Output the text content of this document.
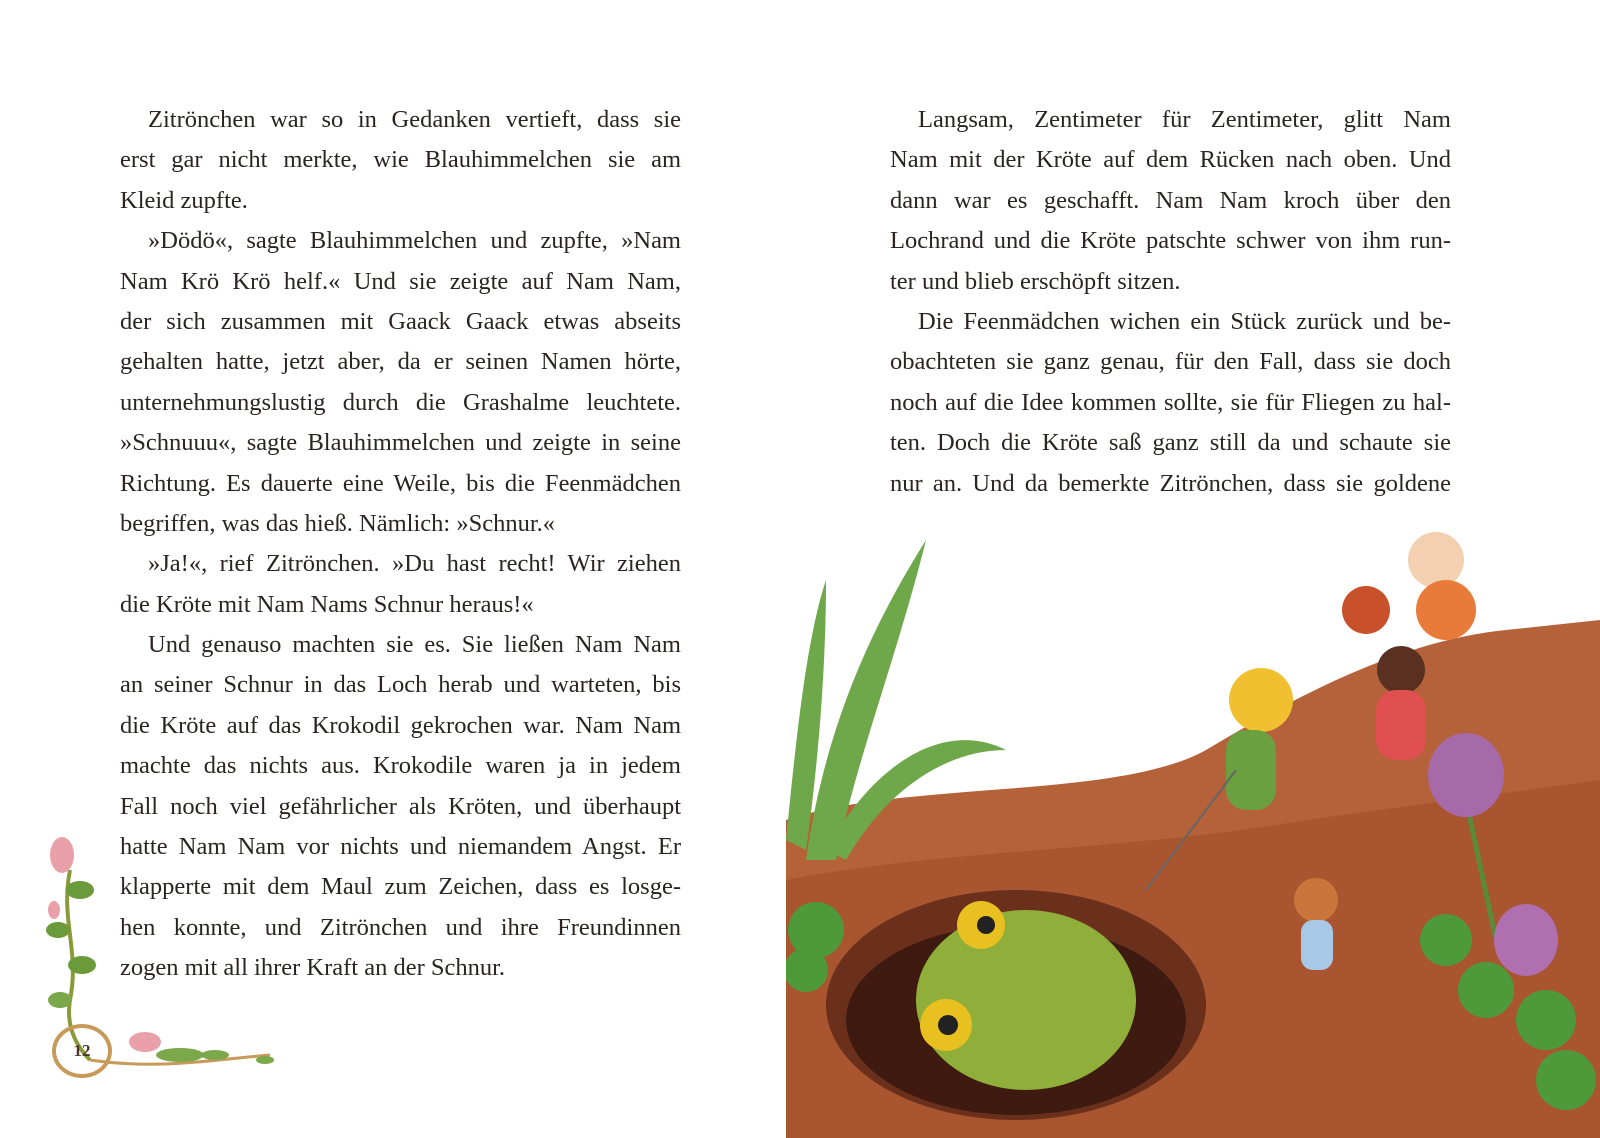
Zitrönchen war so in Gedanken vertieft, dass sie
erst gar nicht merkte, wie Blauhimmelchen sie am
Kleid zupfte.
»Dödö«, sagte Blauhimmelchen und zupfte, »Nam
Nam Krö Krö helf.« Und sie zeigte auf Nam Nam,
der sich zusammen mit Gaack Gaack etwas abseits
gehalten hatte, jetzt aber, da er seinen Namen hörte,
unternehmungslustig durch die Grashalme leuchtete.
»Schnuuu«, sagte Blauhimmelchen und zeigte in seine
Richtung. Es dauerte eine Weile, bis die Feenmädchen
begriffen, was das hieß. Nämlich: »Schnur.«
»Ja!«, rief Zitrönchen. »Du hast recht! Wir ziehen
die Kröte mit Nam Nams Schnur heraus!«
Und genauso machten sie es. Sie ließen Nam Nam
an seiner Schnur in das Loch herab und warteten, bis
die Kröte auf das Krokodil gekrochen war. Nam Nam
machte das nichts aus. Krokodile waren ja in jedem
Fall noch viel gefährlicher als Kröten, und überhaupt
hatte Nam Nam vor nichts und niemandem Angst. Er
klapperte mit dem Maul zum Zeichen, dass es losge-
hen konnte, und Zitrönchen und ihre Freundinnen
zogen mit all ihrer Kraft an der Schnur.
12
Langsam, Zentimeter für Zentimeter, glitt Nam
Nam mit der Kröte auf dem Rücken nach oben. Und
dann war es geschafft. Nam Nam kroch über den
Lochrand und die Kröte patschte schwer von ihm run-
ter und blieb erschöpft sitzen.
Die Feenmädchen wichen ein Stück zurück und be-
obachteten sie ganz genau, für den Fall, dass sie doch
noch auf die Idee kommen sollte, sie für Fliegen zu hal-
ten. Doch die Kröte saß ganz still da und schaute sie
nur an. Und da bemerkte Zitrönchen, dass sie goldene
